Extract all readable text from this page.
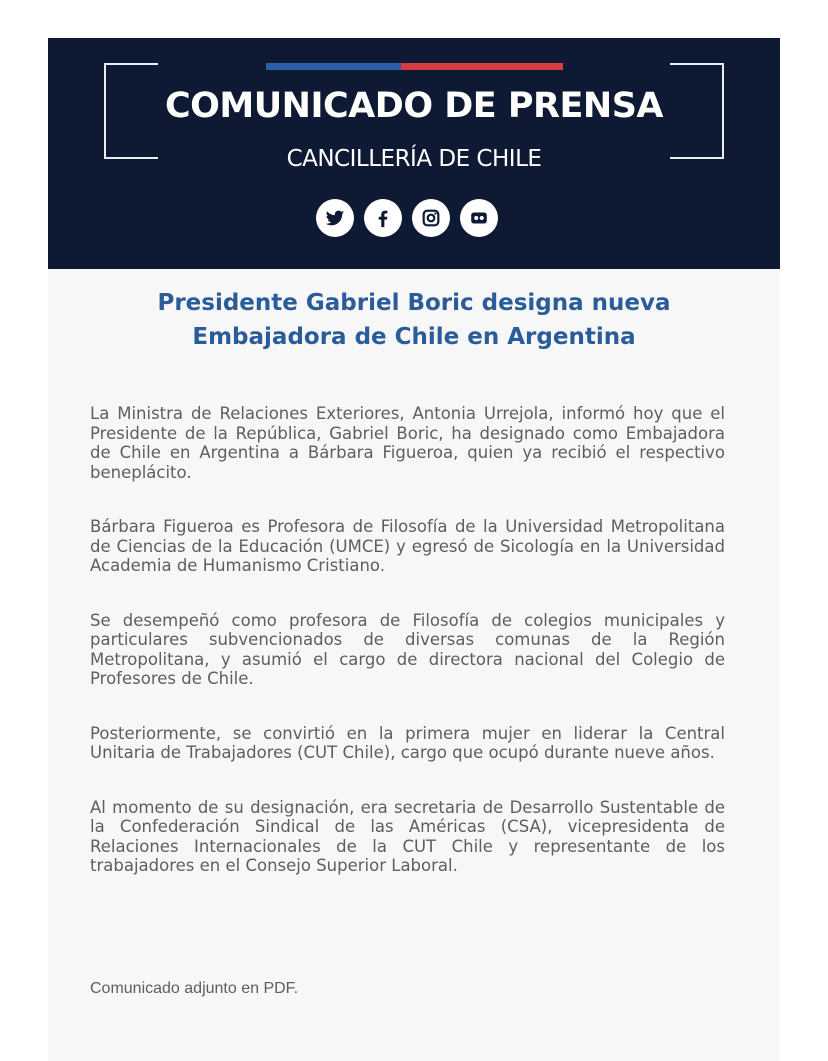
COMUNICADO DE PRENSA
CANCILLERÍA DE CHILE
Presidente Gabriel Boric designa nueva
Embajadora de Chile en Argentina

La Ministra de Relaciones Exteriores, Antonia Urrejola, informó hoy que el Presidente de la República, Gabriel Boric, ha designado como Embajadora de Chile en Argentina a Bárbara Figueroa, quien ya recibió el respectivo beneplácito.

Bárbara Figueroa es Profesora de Filosofía de la Universidad Metropolitana de Ciencias de la Educación (UMCE) y egresó de Sicología en la Universidad Academia de Humanismo Cristiano.

Se desempeñó como profesora de Filosofía de colegios municipales y particulares subvencionados de diversas comunas de la Región Metropolitana, y asumió el cargo de directora nacional del Colegio de Profesores de Chile.

Posteriormente, se convirtió en la primera mujer en liderar la Central Unitaria de Trabajadores (CUT Chile), cargo que ocupó durante nueve años.

Al momento de su designación, era secretaria de Desarrollo Sustentable de la Confederación Sindical de las Américas (CSA), vicepresidenta de Relaciones Internacionales de la CUT Chile y representante de los trabajadores en el Consejo Superior Laboral.

Comunicado adjunto en PDF.
